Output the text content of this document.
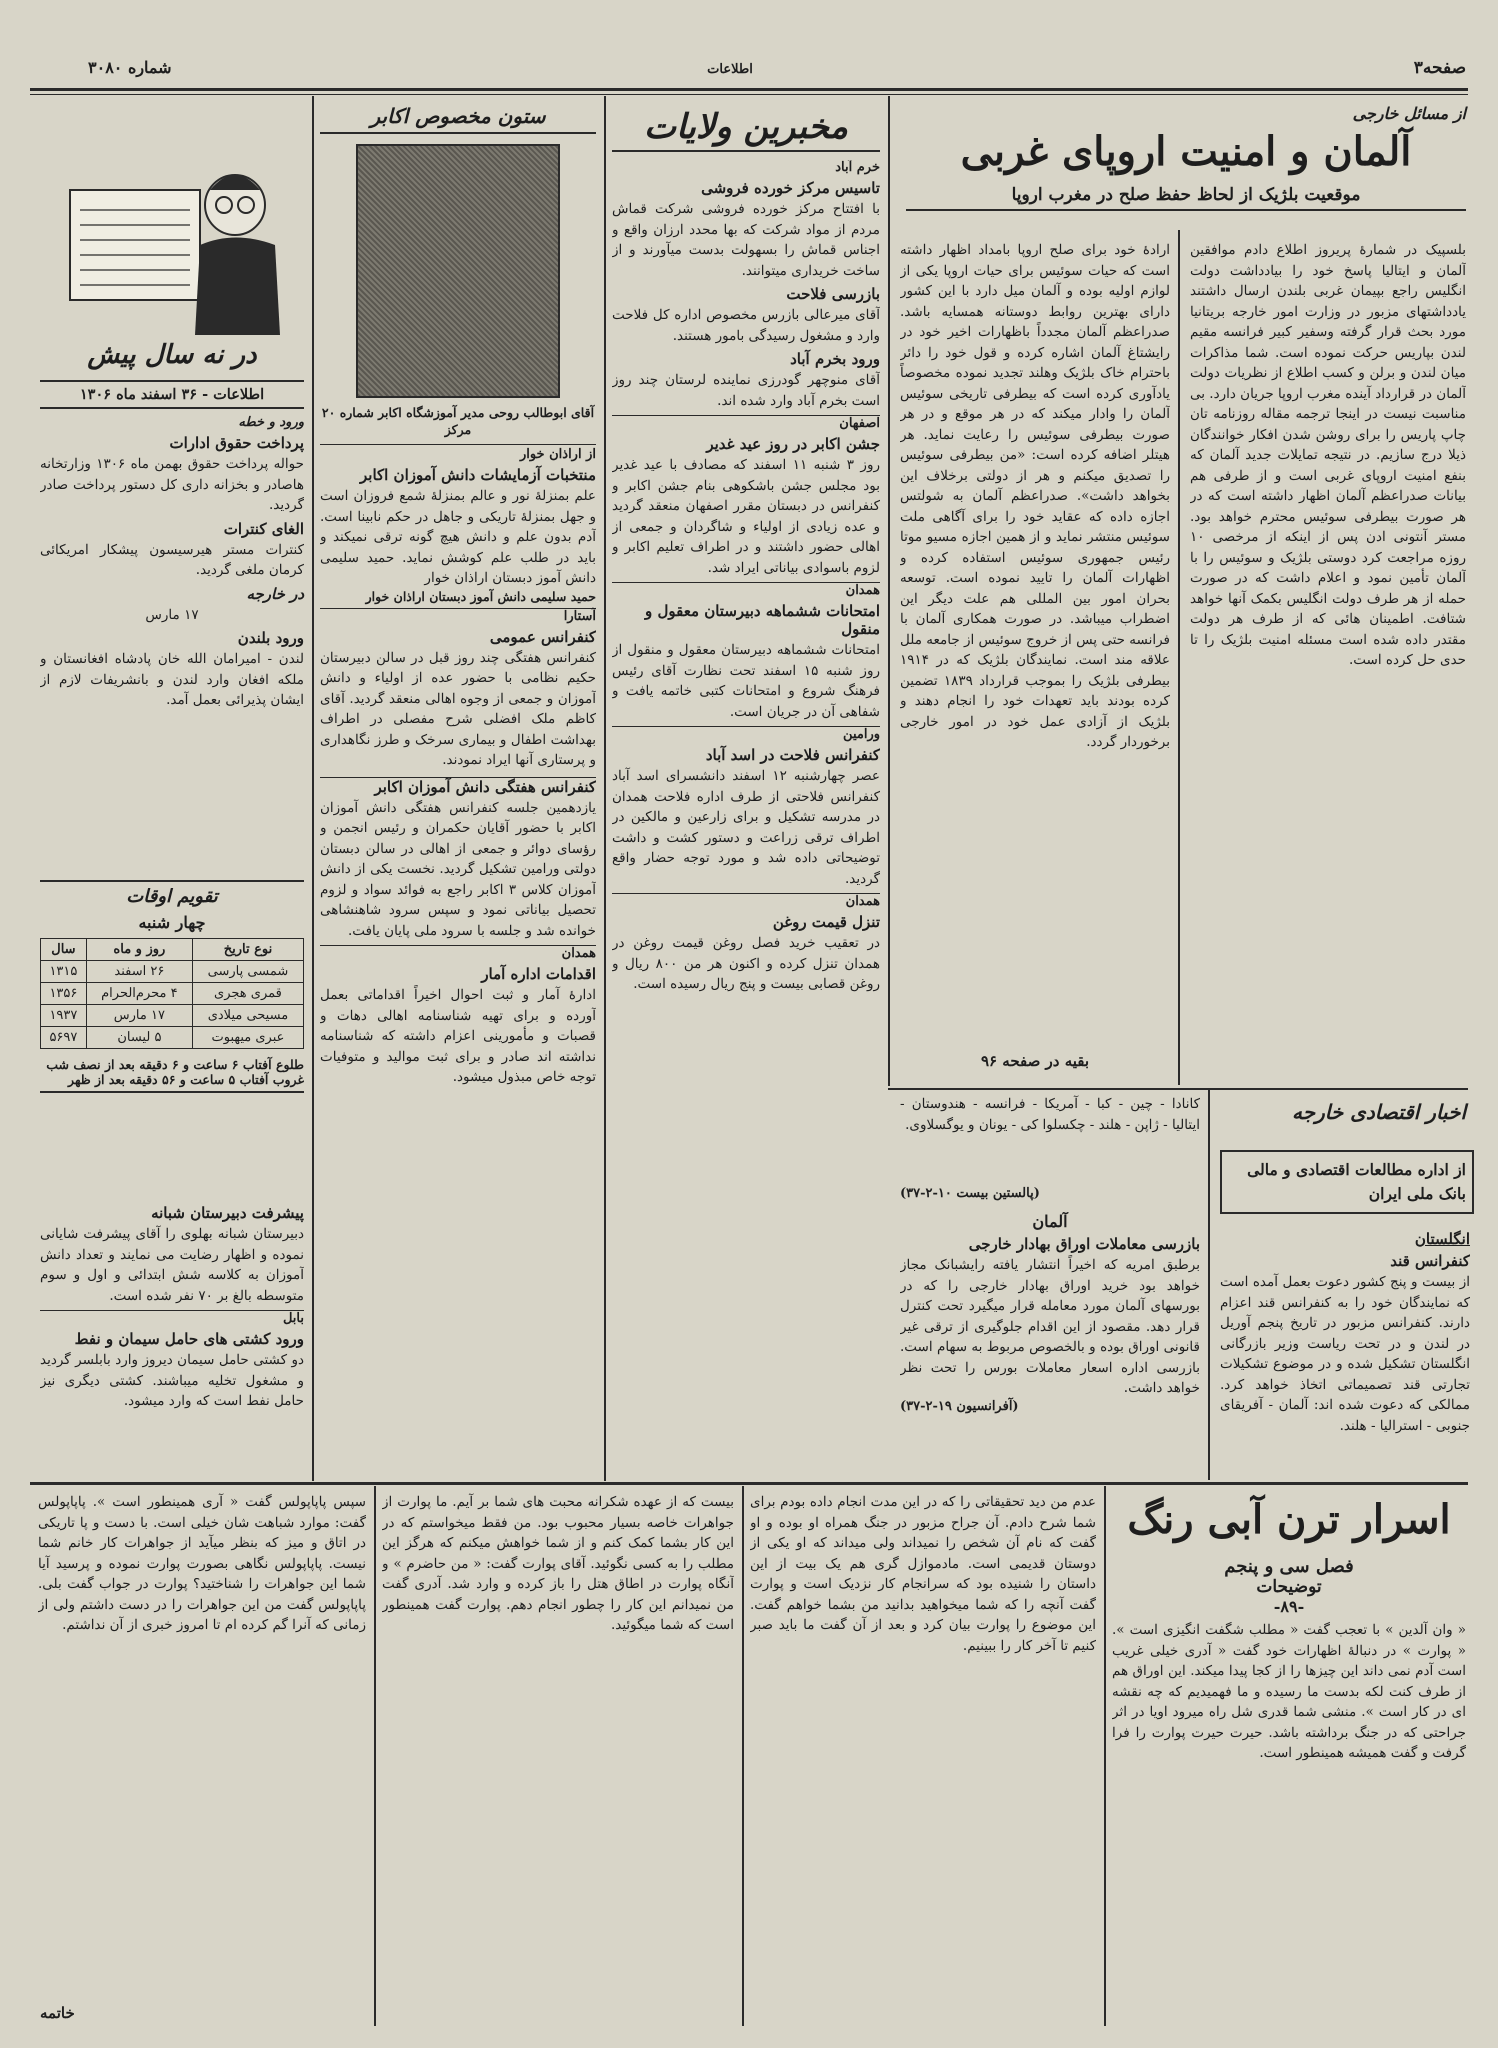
صفحه۳
اطلاعات
شماره ۳۰۸۰
از مسائل خارجی
آلمان و امنیت اروپای غربی
موقعیت بلژیک از لحاظ حفظ صلح در مغرب اروپا
بلسپیک در شمارهٔ پریروز اطلاع دادم موافقین آلمان و ایتالیا پاسخ خود را بیادداشت دولت انگلیس راجع بپیمان غربی بلندن ارسال داشتند یادداشتهای مزبور در وزارت امور خارجه بریتانیا مورد بحث قرار گرفته وسفیر کبیر فرانسه مقیم لندن بپاریس حرکت نموده است. شما مذاکرات میان لندن و برلن و کسب اطلاع از نظریات دولت آلمان در قرارداد آینده مغرب اروپا جریان دارد. بی مناسبت نیست در اینجا ترجمه مقاله روزنامه تان چاپ پاریس را برای روشن شدن افکار خوانندگان ذیلا درج سازیم. در نتیجه تمایلات جدید آلمان که بنفع امنیت اروپای غربی است و از طرفی هم بیانات صدراعظم آلمان اظهار داشته است که در هر صورت بیطرفی سوئیس محترم خواهد بود. مستر آنتونی ادن پس از اینکه از مرخصی ۱۰ روزه مراجعت کرد دوستی بلژیک و سوئیس را با آلمان تأمین نمود و اعلام داشت که در صورت حمله از هر طرف دولت انگلیس بکمک آنها خواهد شتافت. اطمینان هائی که از طرف هر دولت مقتدر داده شده است مسئله امنیت بلژیک را تا حدی حل کرده است.
ارادهٔ خود برای صلح اروپا بامداد اظهار داشته است که حیات سوئیس برای حیات اروپا یکی از لوازم اولیه بوده و آلمان میل دارد با این کشور دارای بهترین روابط دوستانه همسایه باشد. صدراعظم آلمان مجدداً باظهارات اخیر خود در رایشتاغ آلمان اشاره کرده و قول خود را دائر باحترام خاک بلژیک وهلند تجدید نموده مخصوصاً یادآوری کرده است که بیطرفی تاریخی سوئیس آلمان را وادار میکند که در هر موقع و در هر صورت بیطرفی سوئیس را رعایت نماید. هر هیتلر اضافه کرده است: «من بیطرفی سوئیس را تصدیق میکنم و هر از دولتی برخلاف این بخواهد داشت». صدراعظم آلمان به شولتس اجازه داده که عقاید خود را برای آگاهی ملت سوئیس منتشر نماید و از همین اجازه مسیو موتا رئیس جمهوری سوئیس استفاده کرده و اظهارات آلمان را تایید نموده است. توسعه بحران امور بین المللی هم علت دیگر این اضطراب میباشد. در صورت همکاری آلمان با فرانسه حتی پس از خروج سوئیس از جامعه ملل علاقه مند است. نمایندگان بلژیک که در ۱۹۱۴ بیطرفی بلژیک را بموجب قرارداد ۱۸۳۹ تضمین کرده بودند باید تعهدات خود را انجام دهند و بلژیک از آزادی عمل خود در امور خارجی برخوردار گردد.
بقیه در صفحه ۹۶
مخبرین ولایات
خرم آباد
تاسیس مرکز خورده فروشی
با افتتاح مرکز خورده فروشی شرکت قماش مردم از مواد شرکت که بها محدد ارزان واقع و اجناس قماش را بسهولت بدست میآورند و از ساخت خریداری میتوانند.
بازرسی فلاحت
آقای میرعالی بازرس مخصوص اداره کل فلاحت وارد و مشغول رسیدگی بامور هستند.
ورود بخرم آباد
آقای منوچهر گودرزی نماینده لرستان چند روز است بخرم آباد وارد شده اند.
اصفهان
جشن اکابر در روز عید غدیر
روز ۳ شنبه ۱۱ اسفند که مصادف با عید غدیر بود مجلس جشن باشکوهی بنام جشن اکابر و کنفرانس در دبستان مقرر اصفهان منعقد گردید و عده زیادی از اولیاء و شاگردان و جمعی از اهالی حضور داشتند و در اطراف تعلیم اکابر و لزوم باسوادی بیاناتی ایراد شد.
همدان
امتحانات ششماهه دبیرستان معقول و منقول
امتحانات ششماهه دبیرستان معقول و منقول از روز شنبه ۱۵ اسفند تحت نظارت آقای رئیس فرهنگ شروع و امتحانات کتبی خاتمه یافت و شفاهی آن در جریان است.
ورامین
کنفرانس فلاحت در اسد آباد
عصر چهارشنبه ۱۲ اسفند دانشسرای اسد آباد کنفرانس فلاحتی از طرف اداره فلاحت همدان در مدرسه تشکیل و برای زارعین و مالکین در اطراف ترقی زراعت و دستور کشت و داشت توضیحاتی داده شد و مورد توجه حضار واقع گردید.
همدان
تنزل قیمت روغن
در تعقیب خرید فصل روغن قیمت روغن در همدان تنزل کرده و اکنون هر من ۸۰۰ ریال و روغن قصابی بیست و پنج ریال رسیده است.
ستون مخصوص اکابر
آقای ابوطالب روحی مدیر آموزشگاه اکابر شماره ۲۰ مرکز
از اراذان خوار
منتخبات آزمایشات دانش آموزان اکابر
علم بمنزلهٔ نور و عالم بمنزلهٔ شمع فروزان است و جهل بمنزلهٔ تاریکی و جاهل در حکم نابینا است. آدم بدون علم و دانش هیچ گونه ترقی نمیکند و باید در طلب علم کوشش نماید. حمید سلیمی دانش آموز دبستان اراذان خوار
حمید سلیمی دانش آموز دبستان اراذان خوار
آستارا
کنفرانس عمومی
کنفرانس هفتگی چند روز قبل در سالن دبیرستان حکیم نظامی با حضور عده از اولیاء و دانش آموزان و جمعی از وجوه اهالی منعقد گردید. آقای کاظم ملک افضلی شرح مفصلی در اطراف بهداشت اطفال و بیماری سرخک و طرز نگاهداری و پرستاری آنها ایراد نمودند.
کنفرانس هفتگی دانش آموزان اکابر
یازدهمین جلسه کنفرانس هفتگی دانش آموزان اکابر با حضور آقایان حکمران و رئیس انجمن و رؤسای دوائر و جمعی از اهالی در سالن دبستان دولتی ورامین تشکیل گردید. نخست یکی از دانش آموزان کلاس ۳ اکابر راجع به فوائد سواد و لزوم تحصیل بیاناتی نمود و سپس سرود شاهنشاهی خوانده شد و جلسه با سرود ملی پایان یافت.
همدان
اقدامات اداره آمار
ادارهٔ آمار و ثبت احوال اخیراً اقداماتی بعمل آورده و برای تهیه شناسنامه اهالی دهات و قصبات و مأمورینی اعزام داشته که شناسنامه نداشته اند صادر و برای ثبت موالید و متوفیات توجه خاص مبذول میشود.
در نه سال پیش
اطلاعات - ۳۶ اسفند ماه ۱۳۰۶
ورود و خطه
پرداخت حقوق ادارات
حواله پرداخت حقوق بهمن ماه ۱۳۰۶ وزارتخانه هاصادر و بخزانه داری کل دستور پرداخت صادر گردید.
الغای کنترات
کنترات مستر هیرسیسون پیشکار امریکائی کرمان ملغی گردید.
در خارجه
۱۷ مارس
ورود بلندن
لندن - امیرامان الله خان پادشاه افغانستان و ملکه افغان وارد لندن و بانشریفات لازم از ایشان پذیرائی بعمل آمد.
تقویم اوقات
چهار شنبه
نوع تاریخ	روز و ماه	سال
شمسی پارسی	۲۶ اسفند	۱۳۱۵
قمری هجری	۴ محرم‌الحرام	۱۳۵۶
مسیحی میلادی	۱۷ مارس	۱۹۳۷
عبری میهبوت	۵ لیسان	۵۶۹۷
طلوع آفتاب ۶ ساعت و ۶ دقیقه بعد از نصف شب
غروب آفتاب ۵ ساعت و ۵۶ دقیقه بعد از ظهر
پیشرفت دبیرستان شبانه
دبیرستان شبانه بهلوی را آقای پیشرفت شایانی نموده و اظهار رضایت می نمایند و تعداد دانش آموزان به کلاسه شش ابتدائی و اول و سوم متوسطه بالغ بر ۷۰ نفر شده است.
بابل
ورود کشتی های حامل سیمان و نفط
دو کشتی حامل سیمان دیروز وارد بابلسر گردید و مشغول تخلیه میباشند. کشتی دیگری نیز حامل نفط است که وارد میشود.
کانادا - چین - کبا - آمریکا - فرانسه - هندوستان - ایتالیا - ژاپن - هلند - چکسلوا کی - یونان و یوگسلاوی.
(پالستین بیست ۱۰-۲-۳۷)
اخبار اقتصادی خارجه
از اداره مطالعات اقتصادی و مالی بانک ملی ایران
انگلستان
کنفرانس قند
از بیست و پنج کشور دعوت بعمل آمده است که نمایندگان خود را به کنفرانس قند اعزام دارند. کنفرانس مزبور در تاریخ پنجم آوریل در لندن و در تحت ریاست وزیر بازرگانی انگلستان تشکیل شده و در موضوع تشکیلات تجارتی قند تصمیماتی اتخاذ خواهد کرد. ممالکی که دعوت شده اند: آلمان - آفریقای جنوبی - استرالیا - هلند.
آلمان
بازرسی معاملات اوراق بهادار خارجی
برطبق امریه که اخیراً انتشار یافته رایشبانک مجاز خواهد بود خرید اوراق بهادار خارجی را که در بورسهای آلمان مورد معامله قرار میگیرد تحت کنترل قرار دهد. مقصود از این اقدام جلوگیری از ترقی غیر قانونی اوراق بوده و بالخصوص مربوط به سهام است. بازرسی اداره اسعار معاملات بورس را تحت نظر خواهد داشت.
(آفرانسیون ۱۹-۲-۳۷)
اسرار ترن آبی رنگ
فصل سی و پنجم
توضیحات
-۸۹-
« وان آلدین » با تعجب گفت « مطلب شگفت انگیزی است ». « پوارت » در دنبالهٔ اظهارات خود گفت « آدری خیلی غریب است آدم نمی داند این چیزها را از کجا پیدا میکند. این اوراق هم از طرف کنت لکه بدست ما رسیده و ما فهمیدیم که چه نقشه ای در کار است ». منشی شما قدری شل راه میرود اویا در اثر جراحتی که در جنگ برداشته باشد. حیرت حیرت پوارت را فرا گرفت و گفت همیشه همینطور است.
عدم من دید تحقیقاتی را که در این مدت انجام داده بودم برای شما شرح دادم. آن جراح مزبور در جنگ همراه او بوده و او گفت که نام آن شخص را نمیداند ولی میداند که او یکی از دوستان قدیمی است. مادموازل گری هم یک بیت از این داستان را شنیده بود که سرانجام کار نزدیک است و پوارت گفت آنچه را که شما میخواهید بدانید من بشما خواهم گفت. این موضوع را پوارت بیان کرد و بعد از آن گفت ما باید صبر کنیم تا آخر کار را ببینیم.
بیست که از عهده شکرانه محبت های شما بر آیم. ما پوارت از جواهرات خاصه بسیار محبوب بود. من فقط میخواستم که در این کار بشما کمک کنم و از شما خواهش میکنم که هرگز این مطلب را به کسی نگوئید. آقای پوارت گفت: « من حاضرم » و آنگاه پوارت در اطاق هتل را باز کرده و وارد شد. آدری گفت من نمیدانم این کار را چطور انجام دهم. پوارت گفت همینطور است که شما میگوئید.
سپس پاپاپولس گفت « آری همینطور است ». پاپاپولس گفت: موارد شباهت شان خیلی است. با دست و پا تاریکی در اتاق و میز که بنظر میآید از جواهرات کار خانم شما نیست. پاپاپولس نگاهی بصورت پوارت نموده و پرسید آیا شما این جواهرات را شناختید؟ پوارت در جواب گفت بلی. پاپاپولس گفت من این جواهرات را در دست داشتم ولی از زمانی که آنرا گم کرده ام تا امروز خبری از آن نداشتم.
خاتمه
